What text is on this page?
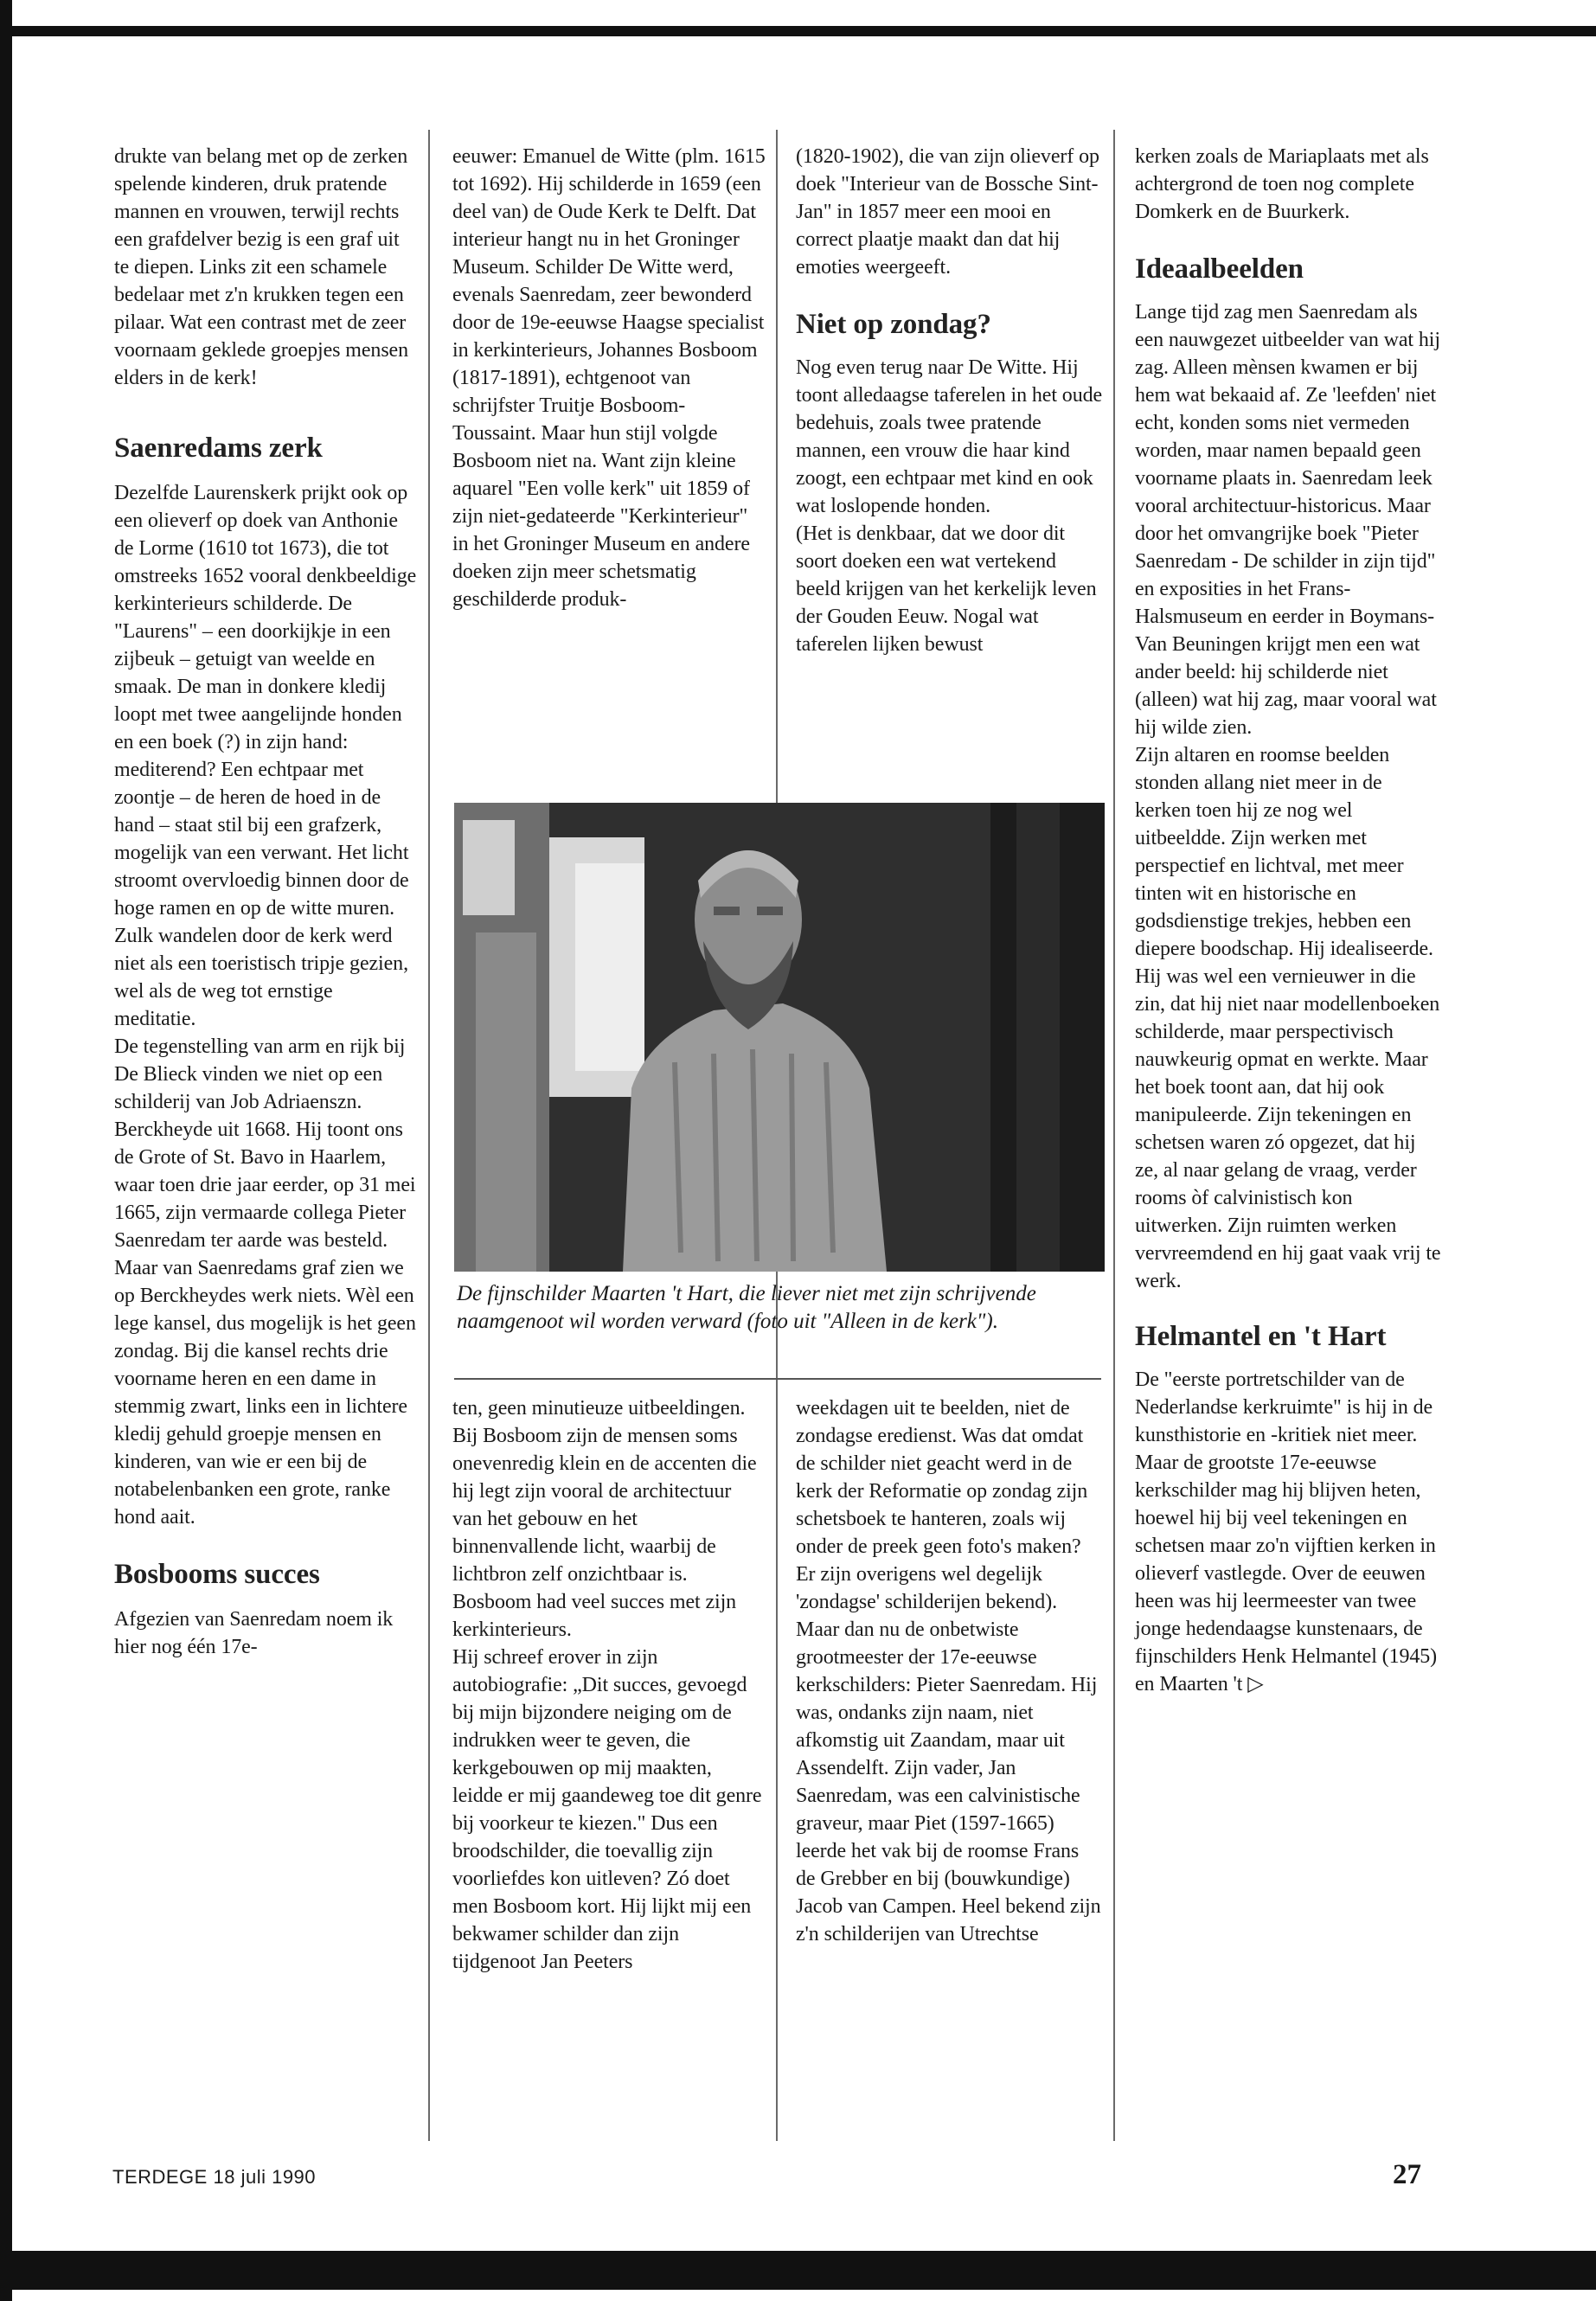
drukte van belang met op de zerken spelende kinderen, druk pratende mannen en vrouwen, terwijl rechts een grafdelver bezig is een graf uit te diepen. Links zit een schamele bedelaar met z'n krukken tegen een pilaar. Wat een contrast met de zeer voornaam geklede groepjes mensen elders in de kerk!

Saenredams zerk

Dezelfde Laurenskerk prijkt ook op een olieverf op doek van Anthonie de Lorme (1610 tot 1673), die tot omstreeks 1652 vooral denkbeeldige kerkinterieurs schilderde. De "Laurens" – een doorkijkje in een zijbeuk – getuigt van weelde en smaak. De man in donkere kledij loopt met twee aangelijnde honden en een boek (?) in zijn hand: mediterend? Een echtpaar met zoontje – de heren de hoed in de hand – staat stil bij een grafzerk, mogelijk van een verwant. Het licht stroomt overvloedig binnen door de hoge ramen en op de witte muren. Zulk wandelen door de kerk werd niet als een toeristisch tripje gezien, wel als de weg tot ernstige meditatie.

De tegenstelling van arm en rijk bij De Blieck vinden we niet op een schilderij van Job Adriaenszn. Berckheyde uit 1668. Hij toont ons de Grote of St. Bavo in Haarlem, waar toen drie jaar eerder, op 31 mei 1665, zijn vermaarde collega Pieter Saenredam ter aarde was besteld. Maar van Saenredams graf zien we op Berckheydes werk niets. Wèl een lege kansel, dus mogelijk is het geen zondag. Bij die kansel rechts drie voorname heren en een dame in stemmig zwart, links een in lichtere kledij gehuld groepje mensen en kinderen, van wie er een bij de notabelenbanken een grote, ranke hond aait.

Bosbooms succes

Afgezien van Saenredam noem ik hier nog één 17e-

eeuwer: Emanuel de Witte (plm. 1615 tot 1692). Hij schilderde in 1659 (een deel van) de Oude Kerk te Delft. Dat interieur hangt nu in het Groninger Museum. Schilder De Witte werd, evenals Saenredam, zeer bewonderd door de 19e-eeuwse Haagse specialist in kerkinterieurs, Johannes Bosboom (1817-1891), echtgenoot van schrijfster Truitje Bosboom-Toussaint. Maar hun stijl volgde Bosboom niet na. Want zijn kleine aquarel "Een volle kerk" uit 1859 of zijn niet-gedateerde "Kerkinterieur" in het Groninger Museum en andere doeken zijn meer schetsmatig geschilderde produk-

(1820-1902), die van zijn olieverf op doek "Interieur van de Bossche Sint-Jan" in 1857 meer een mooi en correct plaatje maakt dan dat hij emoties weergeeft.

Niet op zondag?

Nog even terug naar De Witte. Hij toont alledaagse taferelen in het oude bedehuis, zoals twee pratende mannen, een vrouw die haar kind zoogt, een echtpaar met kind en ook wat loslopende honden.

(Het is denkbaar, dat we door dit soort doeken een wat vertekend beeld krijgen van het kerkelijk leven der Gouden Eeuw. Nogal wat taferelen lijken bewust

De fijnschilder Maarten 't Hart, die liever niet met zijn schrijvende naamgenoot wil worden verward (foto uit "Alleen in de kerk").

ten, geen minutieuze uitbeeldingen. Bij Bosboom zijn de mensen soms onevenredig klein en de accenten die hij legt zijn vooral de architectuur van het gebouw en het binnenvallende licht, waarbij de lichtbron zelf onzichtbaar is. Bosboom had veel succes met zijn kerkinterieurs.

Hij schreef erover in zijn autobiografie: „Dit succes, gevoegd bij mijn bijzondere neiging om de indrukken weer te geven, die kerkgebouwen op mij maakten, leidde er mij gaandeweg toe dit genre bij voorkeur te kiezen." Dus een broodschilder, die toevallig zijn voorliefdes kon uitleven? Zó doet men Bosboom kort. Hij lijkt mij een bekwamer schilder dan zijn tijdgenoot Jan Peeters

weekdagen uit te beelden, niet de zondagse eredienst. Was dat omdat de schilder niet geacht werd in de kerk der Reformatie op zondag zijn schetsboek te hanteren, zoals wij onder de preek geen foto's maken? Er zijn overigens wel degelijk 'zondagse' schilderijen bekend).

Maar dan nu de onbetwiste grootmeester der 17e-eeuwse kerkschilders: Pieter Saenredam. Hij was, ondanks zijn naam, niet afkomstig uit Zaandam, maar uit Assendelft. Zijn vader, Jan Saenredam, was een calvinistische graveur, maar Piet (1597-1665) leerde het vak bij de roomse Frans de Grebber en bij (bouwkundige) Jacob van Campen. Heel bekend zijn z'n schilderijen van Utrechtse

kerken zoals de Mariaplaats met als achtergrond de toen nog complete Domkerk en de Buurkerk.

Ideaalbeelden

Lange tijd zag men Saenredam als een nauwgezet uitbeelder van wat hij zag. Alleen mènsen kwamen er bij hem wat bekaaid af. Ze 'leefden' niet echt, konden soms niet vermeden worden, maar namen bepaald geen voorname plaats in. Saenredam leek vooral architectuur-historicus. Maar door het omvangrijke boek "Pieter Saenredam - De schilder in zijn tijd" en exposities in het Frans-Halsmuseum en eerder in Boymans-Van Beuningen krijgt men een wat ander beeld: hij schilderde niet (alleen) wat hij zag, maar vooral wat hij wilde zien.

Zijn altaren en roomse beelden stonden allang niet meer in de kerken toen hij ze nog wel uitbeeldde. Zijn werken met perspectief en lichtval, met meer tinten wit en historische en godsdienstige trekjes, hebben een diepere boodschap. Hij idealiseerde. Hij was wel een vernieuwer in die zin, dat hij niet naar modellenboeken schilderde, maar perspectivisch nauwkeurig opmat en werkte. Maar het boek toont aan, dat hij ook manipuleerde. Zijn tekeningen en schetsen waren zó opgezet, dat hij ze, al naar gelang de vraag, verder rooms òf calvinistisch kon uitwerken. Zijn ruimten werken vervreemdend en hij gaat vaak vrij te werk.

Helmantel en 't Hart

De "eerste portretschilder van de Nederlandse kerkruimte" is hij in de kunsthistorie en -kritiek niet meer. Maar de grootste 17e-eeuwse kerkschilder mag hij blijven heten, hoewel hij bij veel tekeningen en schetsen maar zo'n vijftien kerken in olieverf vastlegde. Over de eeuwen heen was hij leermeester van twee jonge hedendaagse kunstenaars, de fijnschilders Henk Helmantel (1945) en Maarten 't ▷

TERDEGE 18 juli 1990	27
